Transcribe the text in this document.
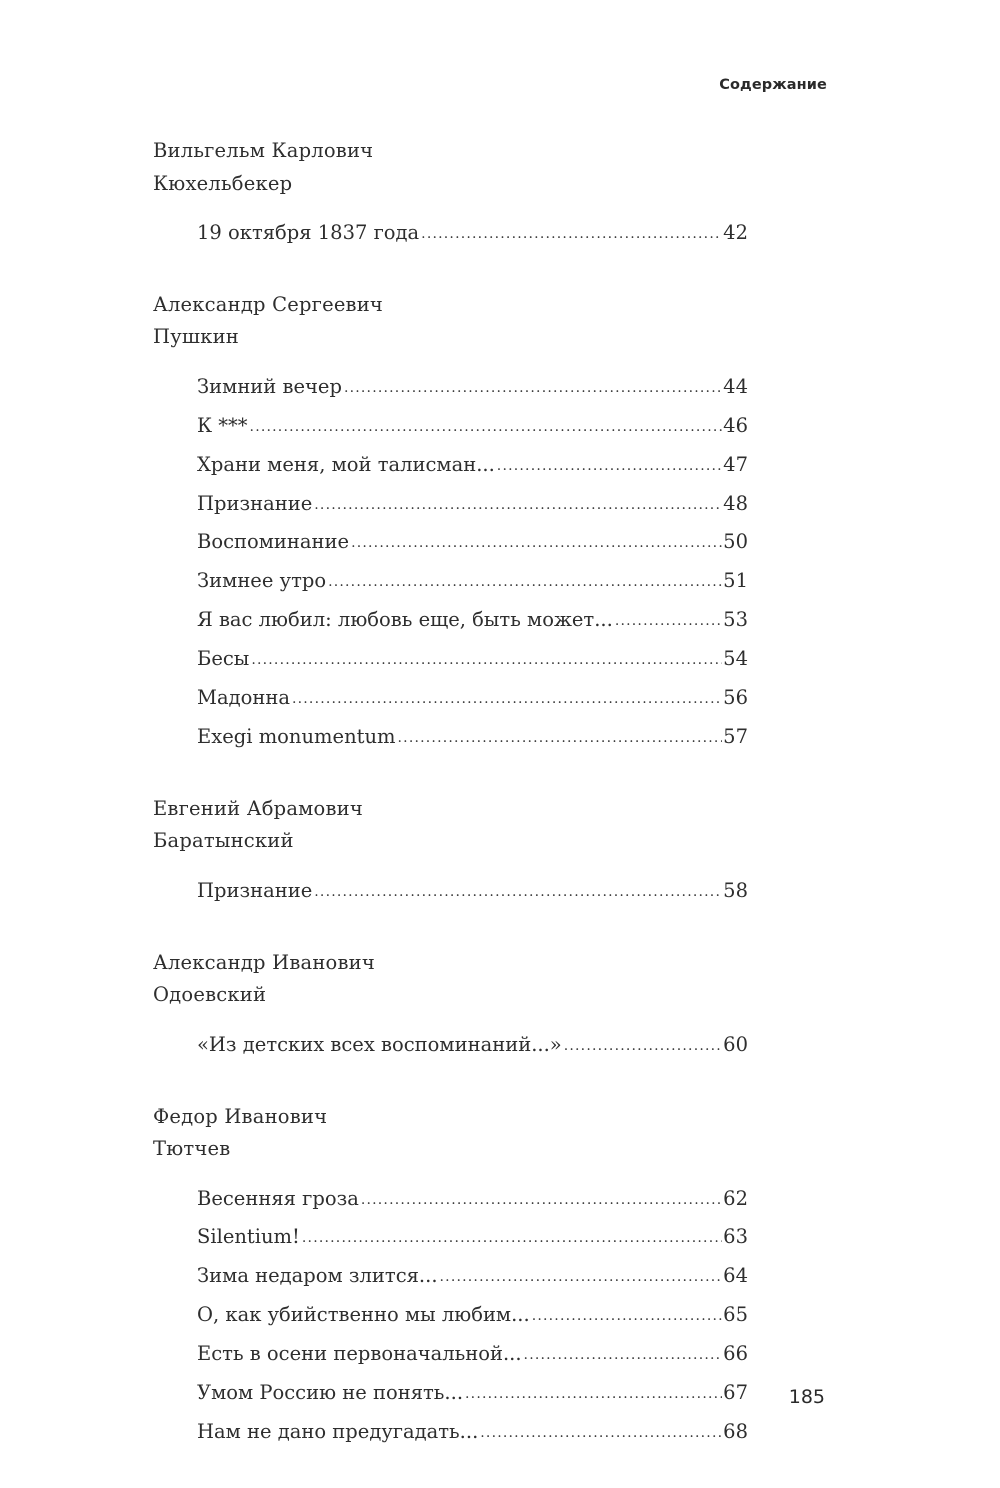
Содержание
Вильгельм Карлович
Кюхельбекер
19 октября 1837 года .....	42
Александр Сергеевич
Пушкин
Зимний вечер .....	44
К *** .....	46
Храни меня, мой талисман... .....	47
Признание .....	48
Воспоминание .....	50
Зимнее утро .....	51
Я вас любил: любовь еще, быть может... .....	53
Бесы .....	54
Мадонна .....	56
Exegi monumentum .....	57
Евгений Абрамович
Баратынский
Признание .....	58
Александр Иванович
Одоевский
«Из детских всех воспоминаний...» .....	60
Федор Иванович
Тютчев
Весенняя гроза .....	62
Silentium! .....	63
Зима недаром злится... .....	64
О, как убийственно мы любим... .....	65
Есть в осени первоначальной... .....	66
Умом Россию не понять... .....	67
Нам не дано предугадать... .....	68
185
